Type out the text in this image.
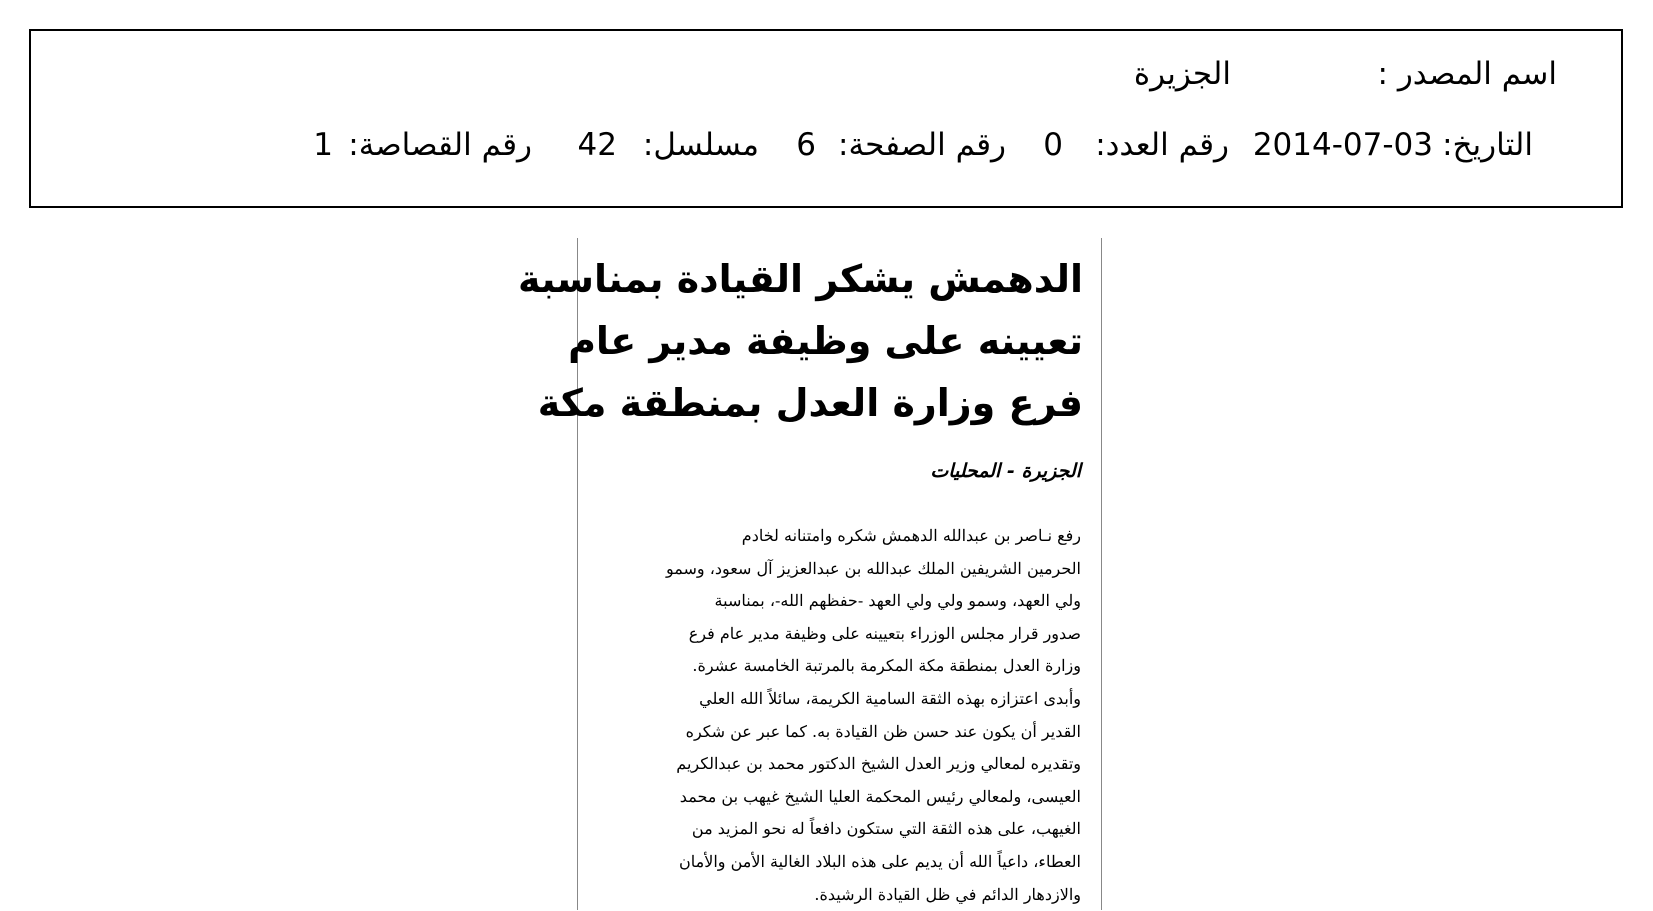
اسم المصدر :
الجزيرة
التاريخ:
2014-07-03
رقم العدد:
0
رقم الصفحة:
6
مسلسل:
42
رقم القصاصة:
1
الدهمش يشكر القيادة بمناسبة
تعيينه على وظيفة مدير عام
فرع وزارة العدل بمنطقة مكة
الجزيرة - المحليات
رفع نـاصر بن عبدالله الدهمش شكره وامتنانه لخادم
الحرمين الشريفين الملك عبدالله بن عبدالعزيز آل سعود، وسمو
ولي العهد، وسمو ولي ولي العهد -حفظهم الله-، بمناسبة
صدور قرار مجلس الوزراء بتعيينه على وظيفة مدير عام فرع
وزارة العدل بمنطقة مكة المكرمة بالمرتبة الخامسة عشرة.
وأبدى اعتزازه بهذه الثقة السامية الكريمة، سائلاً الله العلي
القدير أن يكون عند حسن ظن القيادة به. كما عبر عن شكره
وتقديره لمعالي وزير العدل الشيخ الدكتور محمد بن عبدالكريم
العيسى، ولمعالي رئيس المحكمة العليا الشيخ غيهب بن محمد
الغيهب، على هذه الثقة التي ستكون دافعاً له نحو المزيد من
العطاء، داعياً الله أن يديم على هذه البلاد الغالية الأمن والأمان
والازدهار الدائم في ظل القيادة الرشيدة.
